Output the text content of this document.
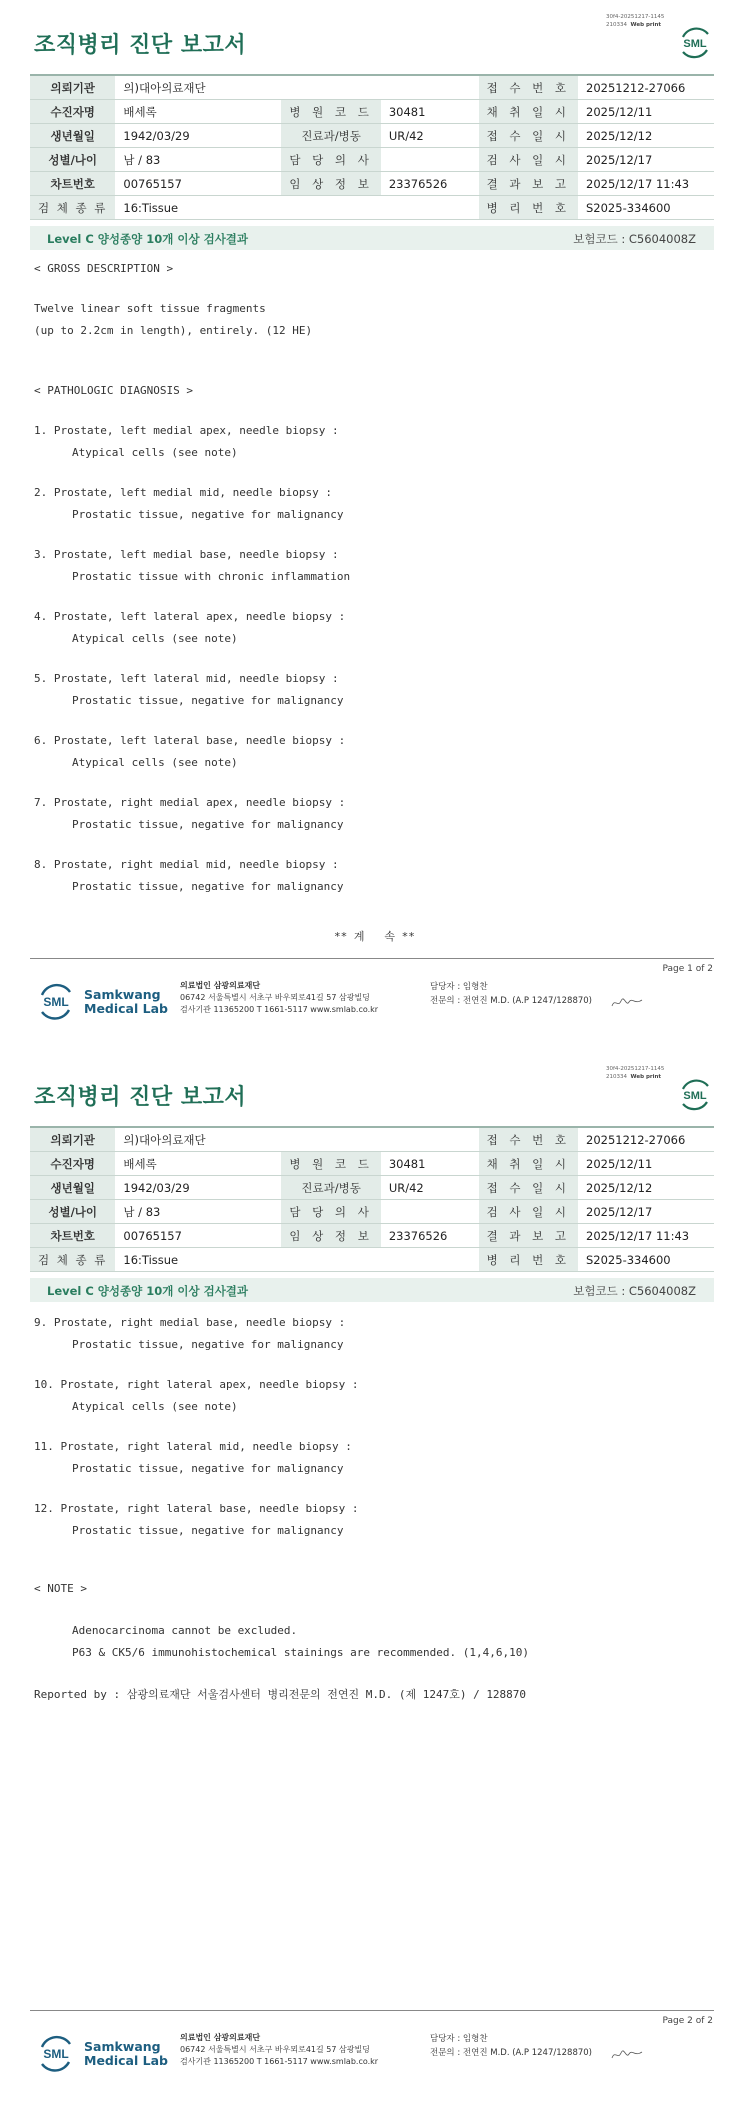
30f4-20251217-1145
210334 Web print
조직병리 진단 보고서	SML
의뢰기관	의)대아의료재단			접 수 번 호	20251212-27066
수진자명	배세록	병 원 코 드	30481	채 취 일 시	2025/12/11
생년월일	1942/03/29	진료과/병동	UR/42	접 수 일 시	2025/12/12
성별/나이	남 / 83	담 당 의 사		검 사 일 시	2025/12/17
차트번호	00765157	임 상 정 보	23376526	결 과 보 고	2025/12/17 11:43
검 체 종 류	16:Tissue			병 리 번 호	S2025-334600
Level C 양성종양 10개 이상 검사결과	보험코드 : C5604008Z
< GROSS DESCRIPTION >
Twelve linear soft tissue fragments
(up to 2.2cm in length), entirely. (12 HE)
< PATHOLOGIC DIAGNOSIS >
1. Prostate, left medial apex, needle biopsy :
Atypical cells (see note)
2. Prostate, left medial mid, needle biopsy :
Prostatic tissue, negative for malignancy
3. Prostate, left medial base, needle biopsy :
Prostatic tissue with chronic inflammation
4. Prostate, left lateral apex, needle biopsy :
Atypical cells (see note)
5. Prostate, left lateral mid, needle biopsy :
Prostatic tissue, negative for malignancy
6. Prostate, left lateral base, needle biopsy :
Atypical cells (see note)
7. Prostate, right medial apex, needle biopsy :
Prostatic tissue, negative for malignancy
8. Prostate, right medial mid, needle biopsy :
Prostatic tissue, negative for malignancy
** 계   속 **
Page 1 of 2
SML Samkwang
Medical Lab
의료법인 삼광의료재단
06742 서울특별시 서초구 바우뫼로41길 57 삼광빌딩
검사기관 11365200 T 1661-5117 www.smlab.co.kr
담당자 : 임형찬
전문의 : 전연진 M.D. (A.P 1247/128870)
30f4-20251217-1145
210334 Web print
조직병리 진단 보고서	SML
의뢰기관	의)대아의료재단			접 수 번 호	20251212-27066
수진자명	배세록	병 원 코 드	30481	채 취 일 시	2025/12/11
생년월일	1942/03/29	진료과/병동	UR/42	접 수 일 시	2025/12/12
성별/나이	남 / 83	담 당 의 사		검 사 일 시	2025/12/17
차트번호	00765157	임 상 정 보	23376526	결 과 보 고	2025/12/17 11:43
검 체 종 류	16:Tissue			병 리 번 호	S2025-334600
Level C 양성종양 10개 이상 검사결과	보험코드 : C5604008Z
9. Prostate, right medial base, needle biopsy :
Prostatic tissue, negative for malignancy
10. Prostate, right lateral apex, needle biopsy :
Atypical cells (see note)
11. Prostate, right lateral mid, needle biopsy :
Prostatic tissue, negative for malignancy
12. Prostate, right lateral base, needle biopsy :
Prostatic tissue, negative for malignancy
< NOTE >
Adenocarcinoma cannot be excluded.
P63 & CK5/6 immunohistochemical stainings are recommended. (1,4,6,10)
Reported by : 삼광의료재단 서울검사센터 병리전문의 전연진 M.D. (제 1247호) / 128870
Page 2 of 2
SML Samkwang
Medical Lab
의료법인 삼광의료재단
06742 서울특별시 서초구 바우뫼로41길 57 삼광빌딩
검사기관 11365200 T 1661-5117 www.smlab.co.kr
담당자 : 임형찬
전문의 : 전연진 M.D. (A.P 1247/128870)
